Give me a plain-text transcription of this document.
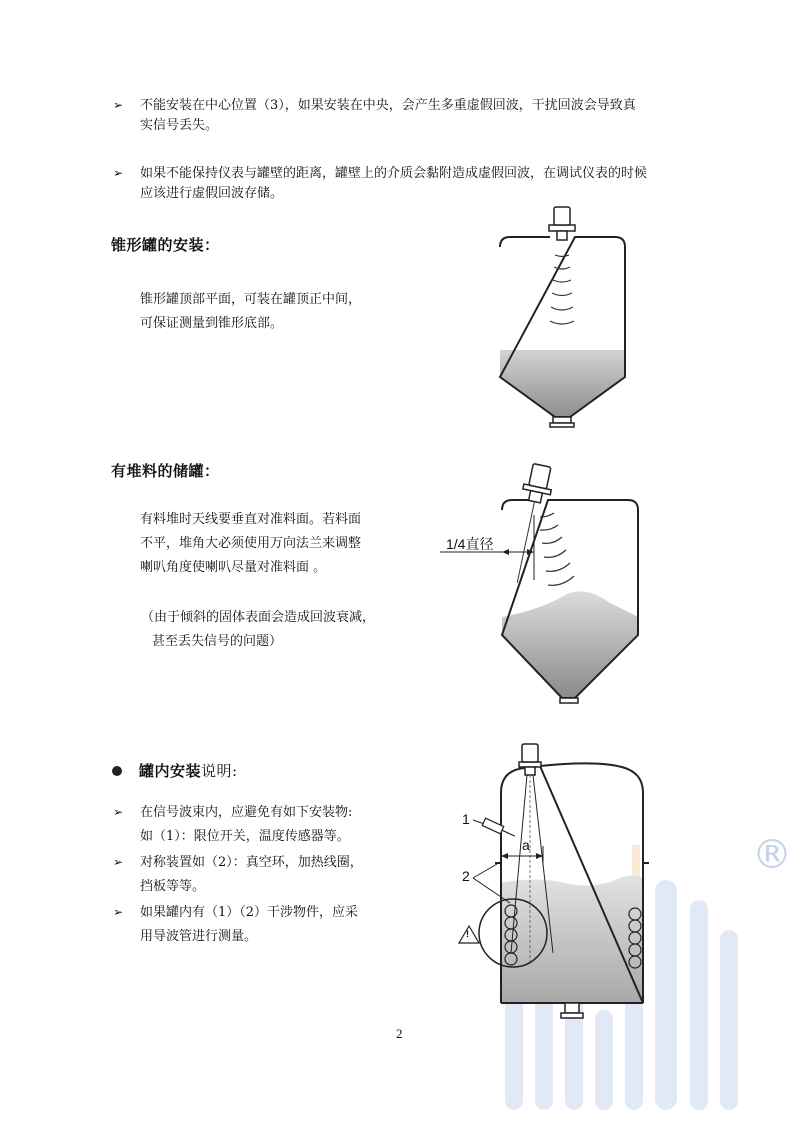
®
➢ 不能安装在中心位置（3），如果安装在中央，会产生多重虚假回波，干扰回波会导致真
实信号丢失。
➢ 如果不能保持仪表与罐壁的距离，罐壁上的介质会黏附造成虚假回波，在调试仪表的时候
应该进行虚假回波存储。
锥形罐的安装：
锥形罐顶部平面，可装在罐顶正中间，
可保证测量到锥形底部。
有堆料的储罐：
有料堆时天线要垂直对准料面。若料面
不平，堆角大必须使用万向法兰来调整
喇叭角度使喇叭尽量对准料面 。
（由于倾斜的固体表面会造成回波衰减，
甚至丢失信号的问题）
1/4直径
罐内安装说明:
➢ 在信号波束内，应避免有如下安装物:
如（1）：限位开关，温度传感器等。
➢ 对称装置如（2）：真空环，加热线圈，
挡板等等。
➢ 如果罐内有（1）（2）干涉物件，应采
用导波管进行测量。
1
2
a
!
2
